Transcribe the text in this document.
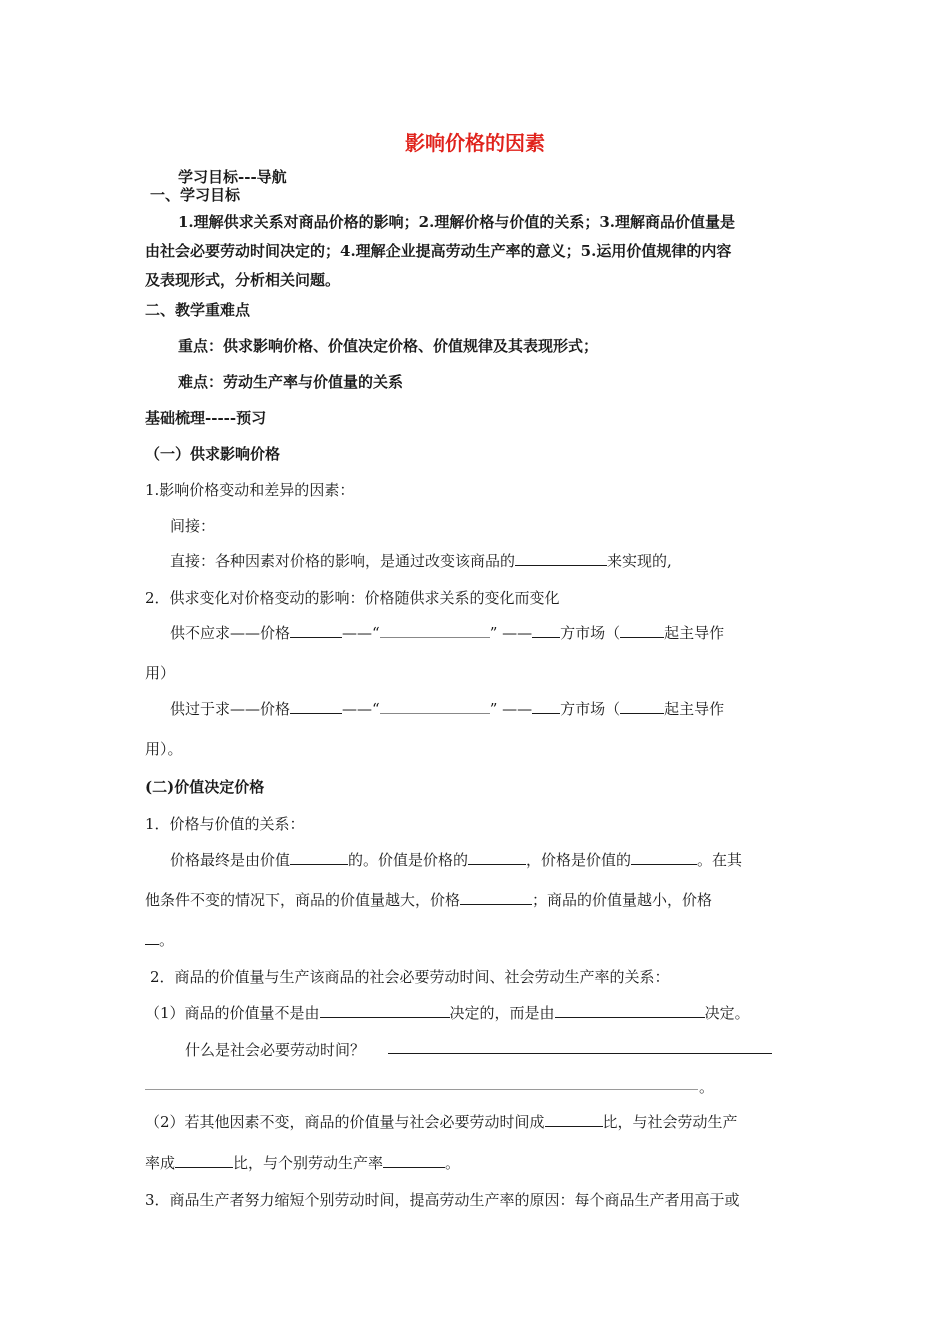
影响价格的因素
学习目标---导航
一、学习目标
1.理解供求关系对商品价格的影响；2.理解价格与价值的关系；3.理解商品价值量是
由社会必要劳动时间决定的；4.理解企业提高劳动生产率的意义；5.运用价值规律的内容
及表现形式，分析相关问题。
二、教学重难点
重点：供求影响价格、价值决定价格、价值规律及其表现形式；
难点：劳动生产率与价值量的关系
基础梳理-----预习
（一）供求影响价格
1.影响价格变动和差异的因素：
间接：
直接：各种因素对价格的影响，是通过改变该商品的	来实现的,
2．供求变化对价格变动的影响：价格随供求关系的变化而变化
供不应求——价格	——“	” —— 方市场（	起主导作
用）
供过于求——价格	——“	” —— 方市场（	起主导作
用）。
(二)价值决定价格
1．价格与价值的关系：
价格最终是由价值	的。价值是价格的	，价格是价值的	。在其
他条件不变的情况下，商品的价值量越大，价格	；商品的价值量越小，价格
。
2．商品的价值量与生产该商品的社会必要劳动时间、社会劳动生产率的关系：
（1）商品的价值量不是由	决定的，而是由	决定。
什么是社会必要劳动时间？
。
（2）若其他因素不变，商品的价值量与社会必要劳动时间成	比，与社会劳动生产
率成	比，与个别劳动生产率	。
3．商品生产者努力缩短个别劳动时间，提高劳动生产率的原因：每个商品生产者用高于或
